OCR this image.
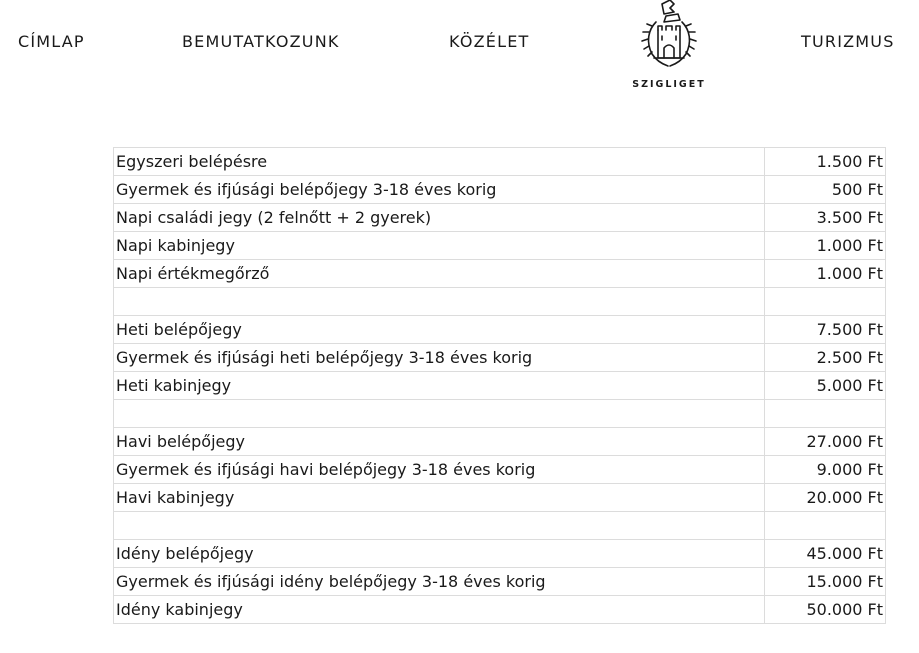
CÍMLAP	BEMUTATKOZUNK	KÖZÉLET	TURIZMUS
SZIGLIGET
Egyszeri belépésre	1.500 Ft
Gyermek és ifjúsági belépőjegy 3-18 éves korig	500 Ft
Napi családi jegy (2 felnőtt + 2 gyerek)	3.500 Ft
Napi kabinjegy	1.000 Ft
Napi értékmegőrző	1.000 Ft

Heti belépőjegy	7.500 Ft
Gyermek és ifjúsági heti belépőjegy 3-18 éves korig	2.500 Ft
Heti kabinjegy	5.000 Ft

Havi belépőjegy	27.000 Ft
Gyermek és ifjúsági havi belépőjegy 3-18 éves korig	9.000 Ft
Havi kabinjegy	20.000 Ft

Idény belépőjegy	45.000 Ft
Gyermek és ifjúsági idény belépőjegy 3-18 éves korig	15.000 Ft
Idény kabinjegy	50.000 Ft
